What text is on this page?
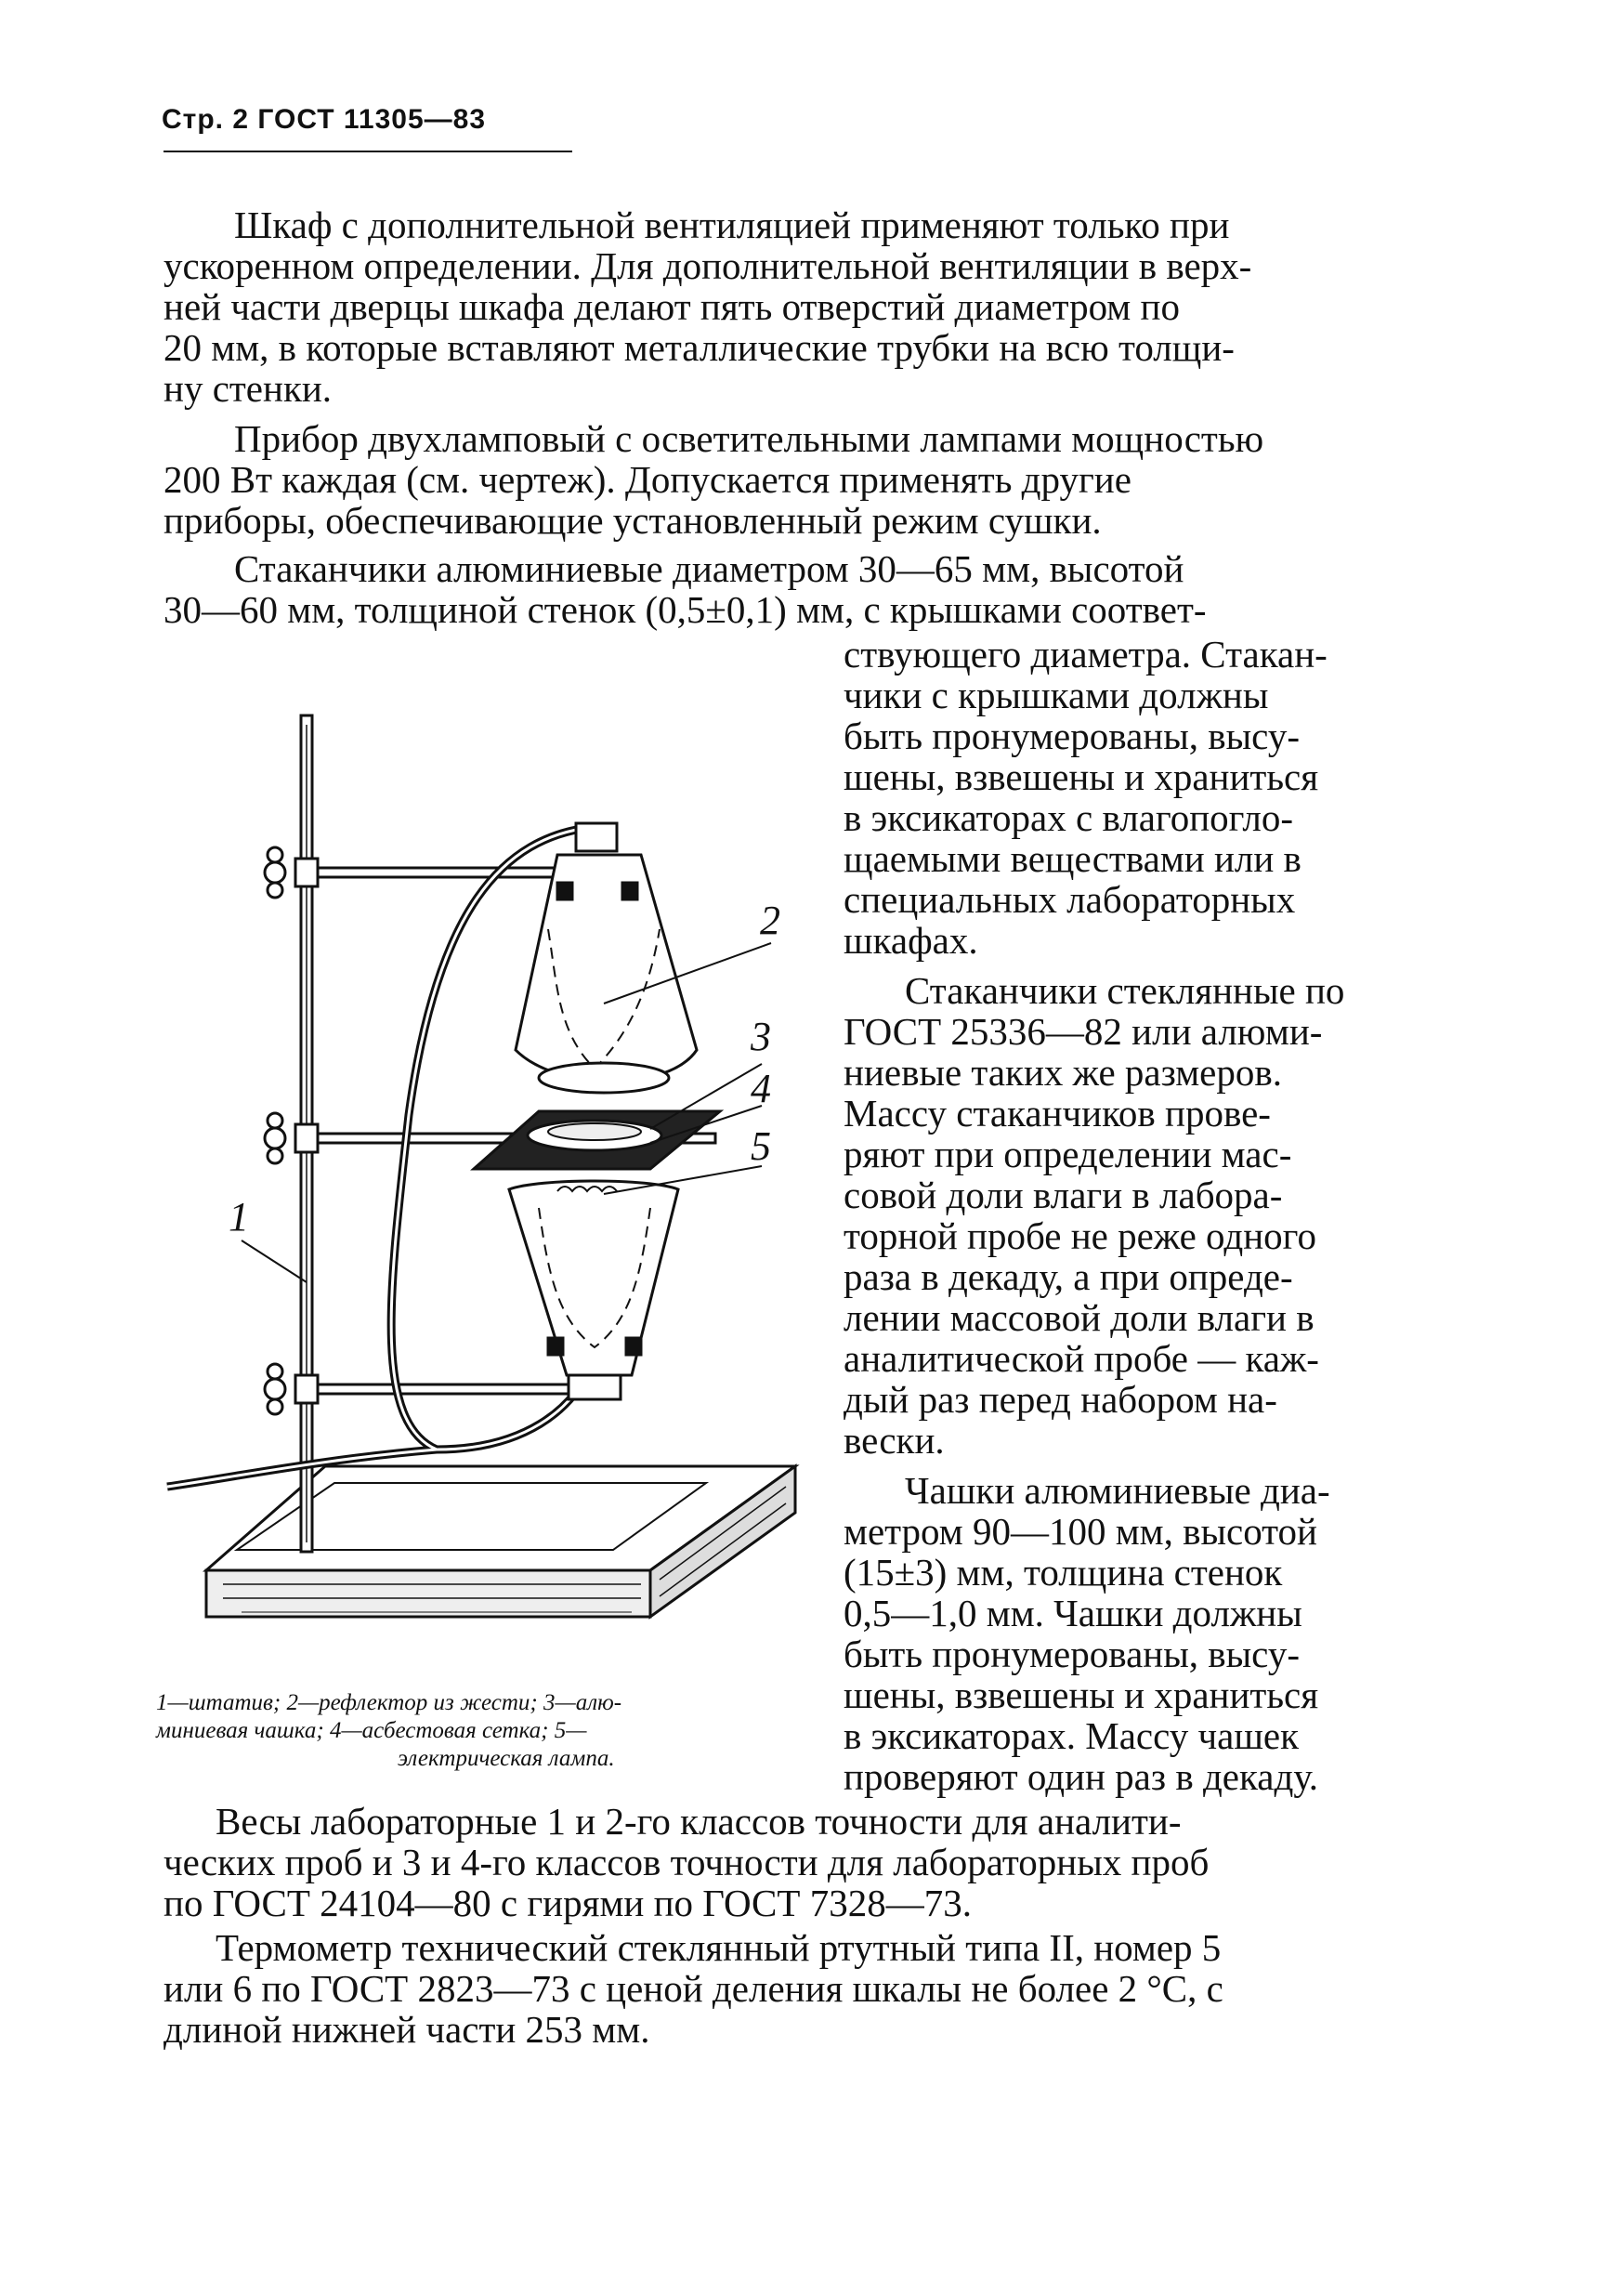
Стр. 2 ГОСТ 11305—83
Шкаф с дополнительной вентиляцией применяют только при
ускоренном определении. Для дополнительной вентиляции в верх-
ней части дверцы шкафа делают пять отверстий диаметром по
20 мм, в которые вставляют металлические трубки на всю толщи-
ну стенки.
Прибор двухламповый с осветительными лампами мощностью
200 Вт каждая (см. чертеж). Допускается применять другие
приборы, обеспечивающие установленный режим сушки.
Стаканчики алюминиевые диаметром 30—65 мм, высотой
30—60 мм, толщиной стенок (0,5±0,1) мм, с крышками соответ-
ствующего диаметра. Стакан-
чики с крышками должны
быть пронумерованы, высу-
шены, взвешены и храниться
в эксикаторах с влагопогло-
щаемыми веществами или в
специальных лабораторных
шкафах.
Стаканчики стеклянные по
ГОСТ 25336—82 или алюми-
ниевые таких же размеров.
Массу стаканчиков прове-
ряют при определении мас-
совой доли влаги в лабора-
торной пробе не реже одного
раза в декаду, а при опреде-
лении массовой доли влаги в
аналитической пробе — каж-
дый раз перед набором на-
вески.
Чашки алюминиевые диа-
метром 90—100 мм, высотой
(15±3) мм, толщина стенок
0,5—1,0 мм. Чашки должны
быть пронумерованы, высу-
шены, взвешены и храниться
в эксикаторах. Массу чашек
проверяют один раз в декаду.
Весы лабораторные 1 и 2-го классов точности для аналити-
ческих проб и 3 и 4-го классов точности для лабораторных проб
по ГОСТ 24104—80 с гирями по ГОСТ 7328—73.
Термометр технический стеклянный ртутный типа II, номер 5
или 6 по ГОСТ 2823—73 с ценой деления шкалы не более 2 °С, с
длиной нижней части 253 мм.
2
3
4
5
1
1—штатив; 2—рефлектор из жести; 3—алю-
миниевая чашка; 4—асбестовая сетка; 5—
электрическая лампа.
